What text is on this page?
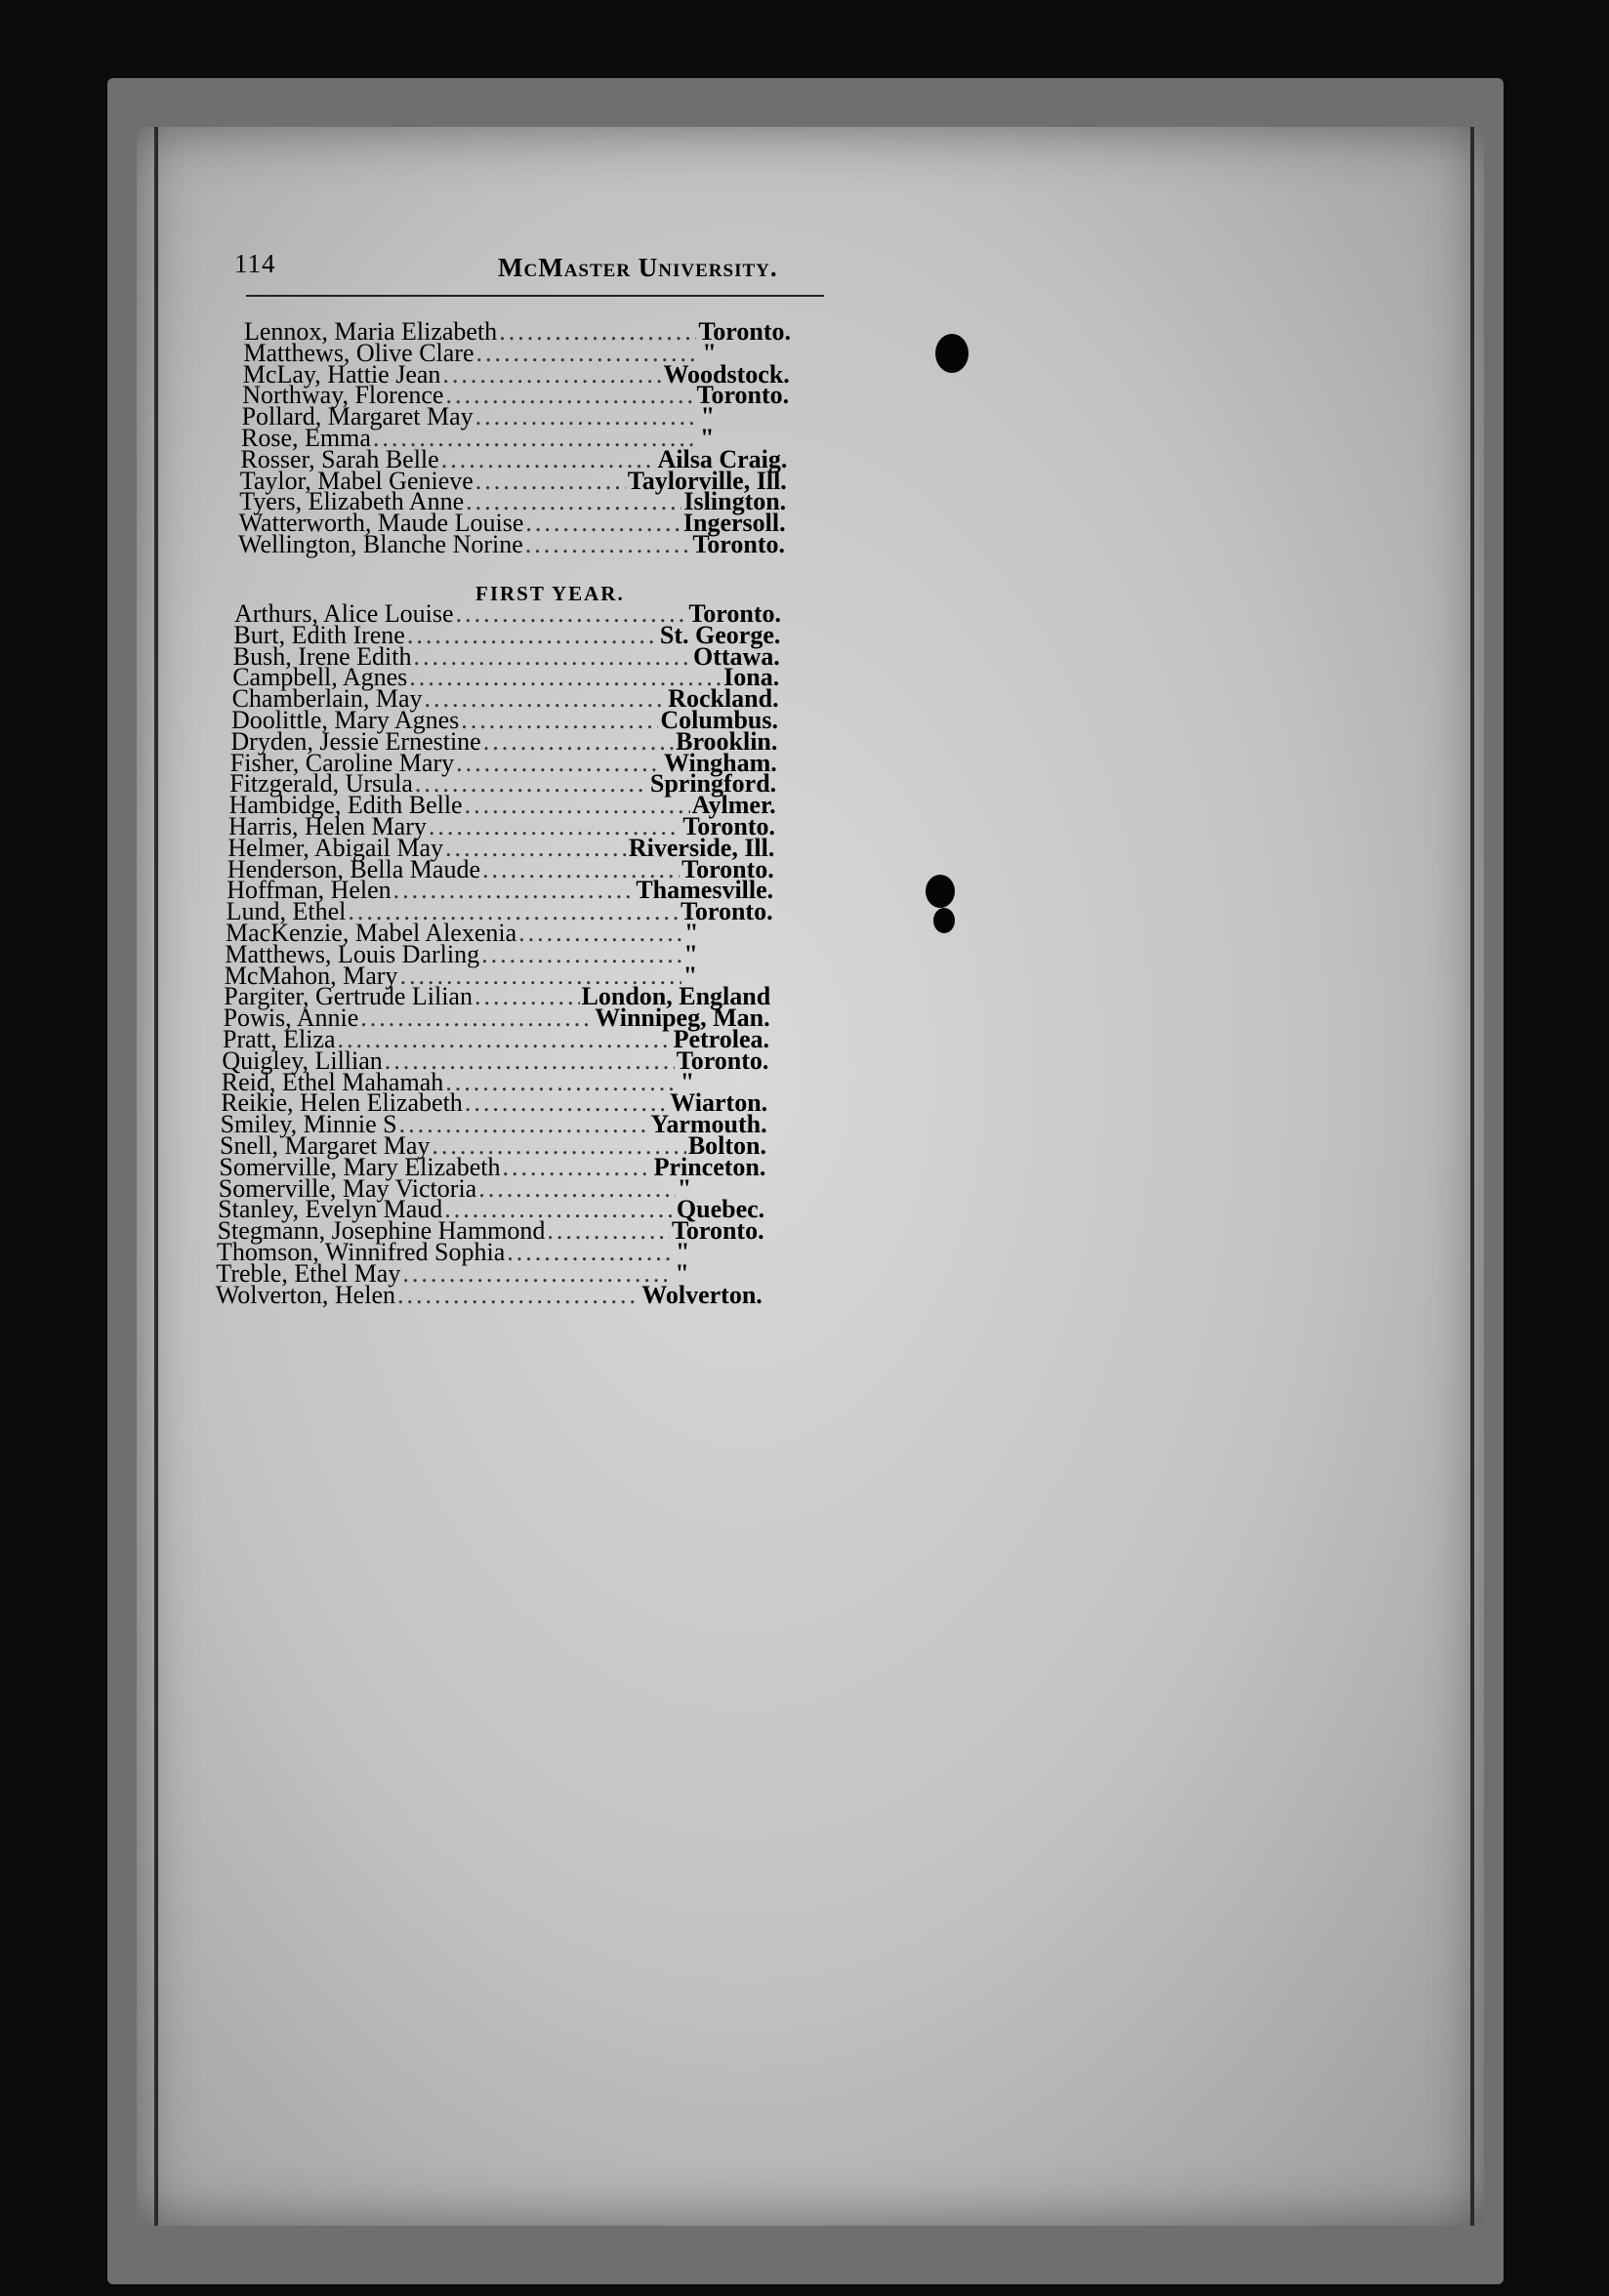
114	McMaster University.
Lennox, Maria Elizabeth .....	Toronto.
Matthews, Olive Clare .....	"
McLay, Hattie Jean .....	Woodstock.
Northway, Florence .....	Toronto.
Pollard, Margaret May .....	"
Rose, Emma .....	"
Rosser, Sarah Belle .....	Ailsa Craig.
Taylor, Mabel Genieve .....	Taylorville, Ill.
Tyers, Elizabeth Anne .....	Islington.
Watterworth, Maude Louise .....	Ingersoll.
Wellington, Blanche Norine .....	Toronto.
FIRST YEAR.
Arthurs, Alice Louise .....	Toronto.
Burt, Edith Irene .....	St. George.
Bush, Irene Edith .....	Ottawa.
Campbell, Agnes .....	Iona.
Chamberlain, May .....	Rockland.
Doolittle, Mary Agnes .....	Columbus.
Dryden, Jessie Ernestine .....	Brooklin.
Fisher, Caroline Mary .....	Wingham.
Fitzgerald, Ursula .....	Springford.
Hambidge, Edith Belle .....	Aylmer.
Harris, Helen Mary .....	Toronto.
Helmer, Abigail May .....	Riverside, Ill.
Henderson, Bella Maude .....	Toronto.
Hoffman, Helen .....	Thamesville.
Lund, Ethel .....	Toronto.
MacKenzie, Mabel Alexenia .....	"
Matthews, Louis Darling .....	"
McMahon, Mary .....	"
Pargiter, Gertrude Lilian .....	London, England
Powis, Annie .....	Winnipeg, Man.
Pratt, Eliza .....	Petrolea.
Quigley, Lillian .....	Toronto.
Reid, Ethel Mahamah .....	"
Reikie, Helen Elizabeth .....	Wiarton.
Smiley, Minnie S .....	Yarmouth.
Snell, Margaret May .....	Bolton.
Somerville, Mary Elizabeth .....	Princeton.
Somerville, May Victoria .....	"
Stanley, Evelyn Maud .....	Quebec.
Stegmann, Josephine Hammond .....	Toronto.
Thomson, Winnifred Sophia .....	"
Treble, Ethel May .....	"
Wolverton, Helen .....	Wolverton.
